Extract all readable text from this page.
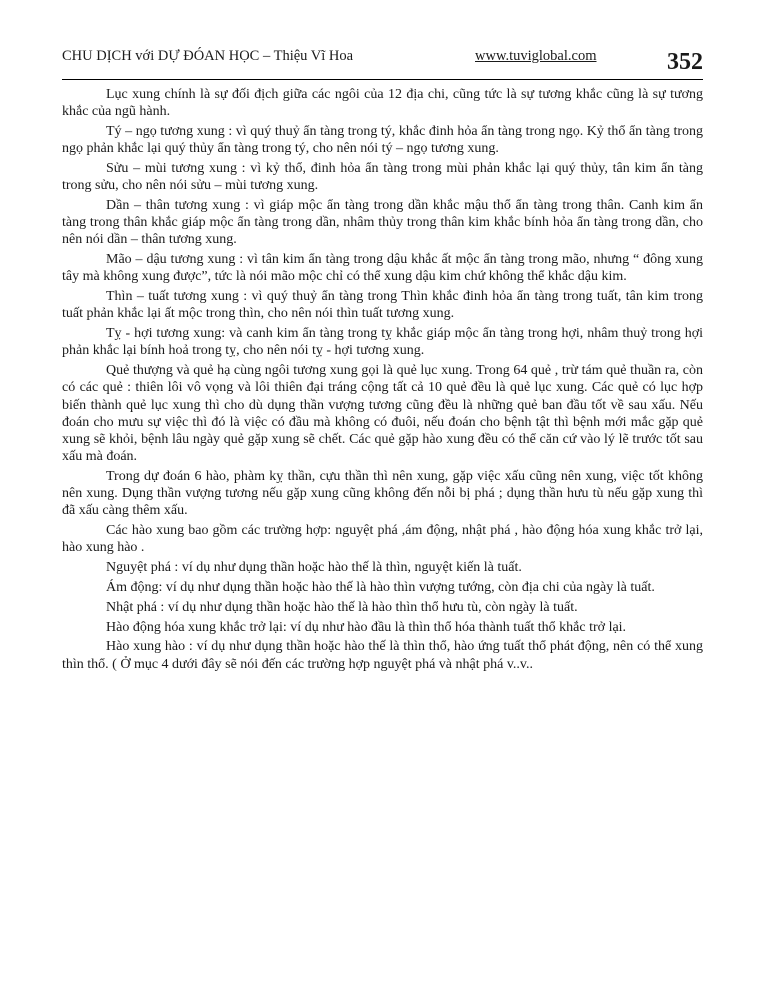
CHU DỊCH với DỰ ĐÓAN HỌC – Thiệu Vĩ Hoa	www.tuviglobal.com	352

Lục xung chính là sự đối địch giữa các ngôi của 12 địa chi, cũng tức là sự tương khắc cũng là sự tương khắc của ngũ hành.

Tý – ngọ tương xung : vì quý thuỷ ẩn tàng trong tý, khắc đinh hỏa ẩn tàng trong ngọ. Kỷ thổ ẩn tàng trong ngọ phản khắc lại quý thủy ẩn tàng trong tý, cho nên nói tý – ngọ tương xung.

Sửu – mùi tương xung : vì kỷ thổ, đinh hỏa ẩn tàng trong mùi phản khắc lại quý thủy, tân kim ẩn tàng trong sửu, cho nên nói sửu – mùi tương xung.

Dần – thân tương xung : vì giáp mộc ẩn tàng trong dần khắc mậu thổ ẩn tàng trong thân. Canh kim ẩn tàng trong thân khắc giáp mộc ẩn tàng trong dần, nhâm thủy trong thân kim khắc bính hỏa ẩn tàng trong dần, cho nên nói dần – thân tương xung.

Mão – dậu tương xung : vì tân kim ẩn tàng trong dậu khắc ất mộc ẩn tàng trong mão, nhưng “ đông xung tây mà không xung được”, tức là nói mão mộc chỉ có thể xung dậu kim chứ không thể khắc dậu kim.

Thìn – tuất tương xung : vì quý thuỷ ẩn tàng trong Thìn khắc đinh hỏa ẩn tàng trong tuất, tân kim trong tuất phản khắc lại ất mộc trong thìn, cho nên nói thìn tuất tương xung.

Tỵ - hợi tương xung: và canh kim ẩn tàng trong tỵ khắc giáp mộc ẩn tàng trong hợi, nhâm thuỷ trong hợi phản khắc lại bính hoả trong tỵ, cho nên nói tỵ - hợi tương xung.

Quẻ thượng và quẻ hạ cùng ngôi tương xung gọi là quẻ lục xung. Trong 64 quẻ , trừ tám quẻ thuần ra, còn có các quẻ : thiên lôi vô vọng và lôi thiên đại tráng cộng tất cả 10 quẻ đều là quẻ lục xung. Các quẻ có lục hợp biến thành quẻ lục xung thì cho dù dụng thần vượng tương cũng đều là những quẻ ban đầu tốt về sau xấu. Nếu đoán cho mưu sự việc thì đó là việc có đầu mà không có đuôi, nếu đoán cho bệnh tật thì bệnh mới mắc gặp quẻ xung sẽ khỏi, bệnh lâu ngày quẻ gặp xung sẽ chết. Các quẻ gặp hào xung đều có thể căn cứ vào lý lẽ trước tốt sau xấu mà đoán.

Trong dự đoán 6 hào, phàm kỵ thần, cựu thần thì nên xung, gặp việc xấu cũng nên xung, việc tốt không nên xung. Dụng thần vượng tương nếu gặp xung cũng không đến nỗi bị phá ; dụng thần hưu tù nếu gặp xung thì đã xấu càng thêm xấu.

Các hào xung bao gồm các trường hợp: nguyệt phá ,ám động, nhật phá , hào động hóa xung khắc trở lại, hào xung hào .

Nguyệt phá : ví dụ như dụng thần hoặc hào thế là thìn, nguyệt kiến là tuất.

Ám động: ví dụ như dụng thần hoặc hào thế là hào thìn vượng tướng, còn địa chi của ngày là tuất.

Nhật phá : ví dụ như dụng thần hoặc hào thế là hào thìn thổ hưu tù, còn ngày là tuất.

Hào động hóa xung khắc trở lại: ví dụ như hào đầu là thìn thổ hóa thành tuất thổ khắc trở lại.

Hào xung hào : ví dụ như dụng thần hoặc hào thế là thìn thổ, hào ứng tuất thổ phát động, nên có thể xung thìn thổ. ( Ở mục 4 dưới đây sẽ nói đến các trường hợp nguyệt phá và nhật phá v..v..
